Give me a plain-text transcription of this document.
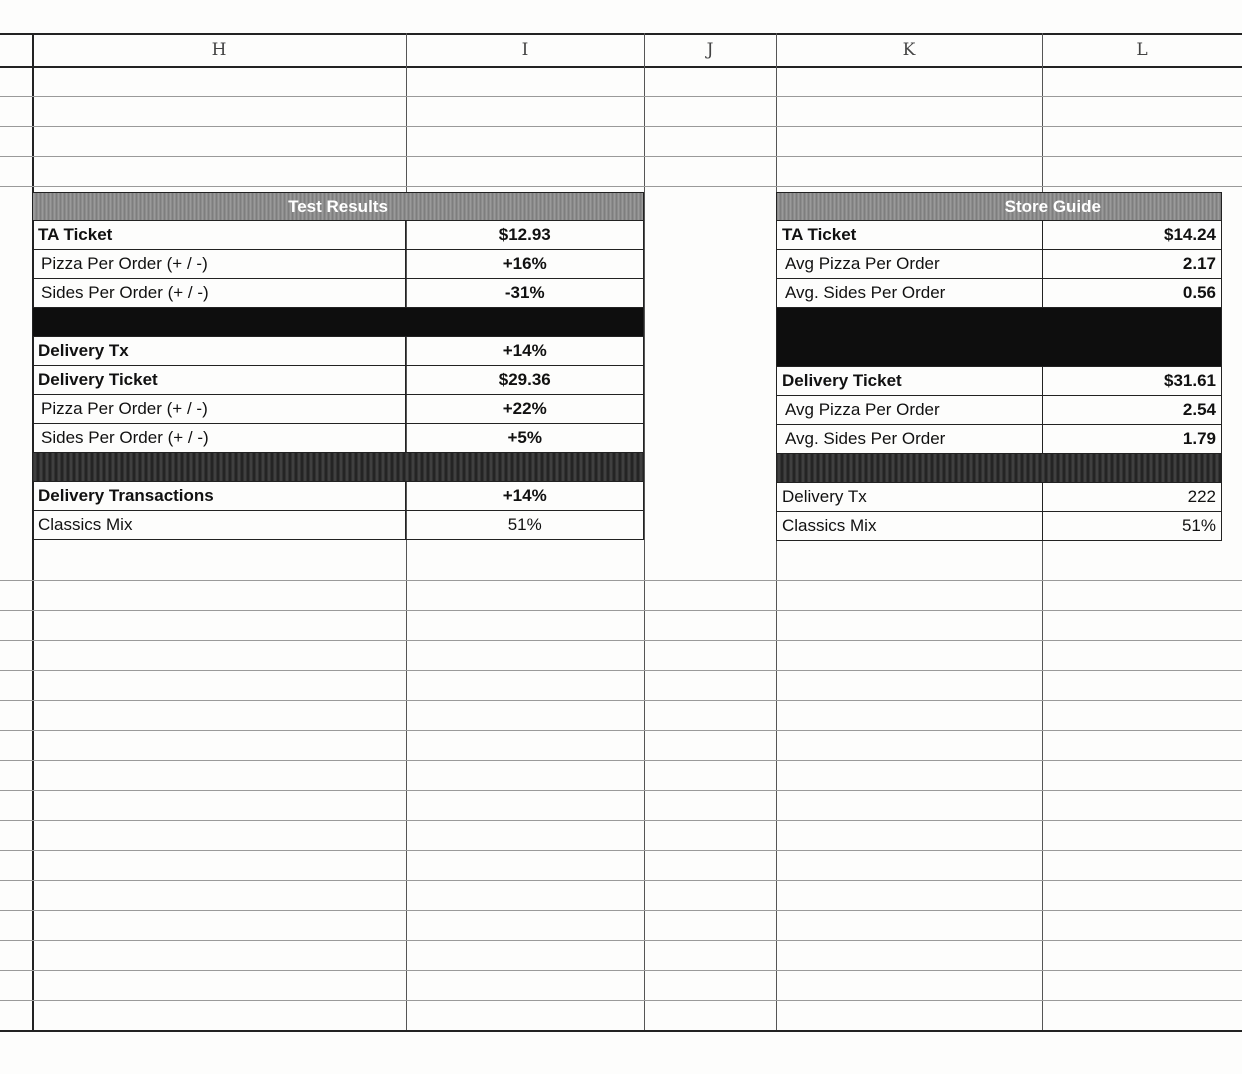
H	I	J	K	L
Test Results	
TA Ticket	$12.93
Pizza Per Order (+ / -)	+16%
Sides Per Order (+ / -)	-31%

Delivery Tx	+14%
Delivery Ticket	$29.36
Pizza Per Order (+ / -)	+22%
Sides Per Order (+ / -)	+5%

Delivery Transactions	+14%
Classics Mix	51%
Store Guide	
TA Ticket	$14.24
Avg Pizza Per Order	2.17
Avg. Sides Per Order	0.56

Delivery Ticket	$31.61
Avg Pizza Per Order	2.54
Avg. Sides Per Order	1.79

Delivery Tx	222
Classics Mix	51%
